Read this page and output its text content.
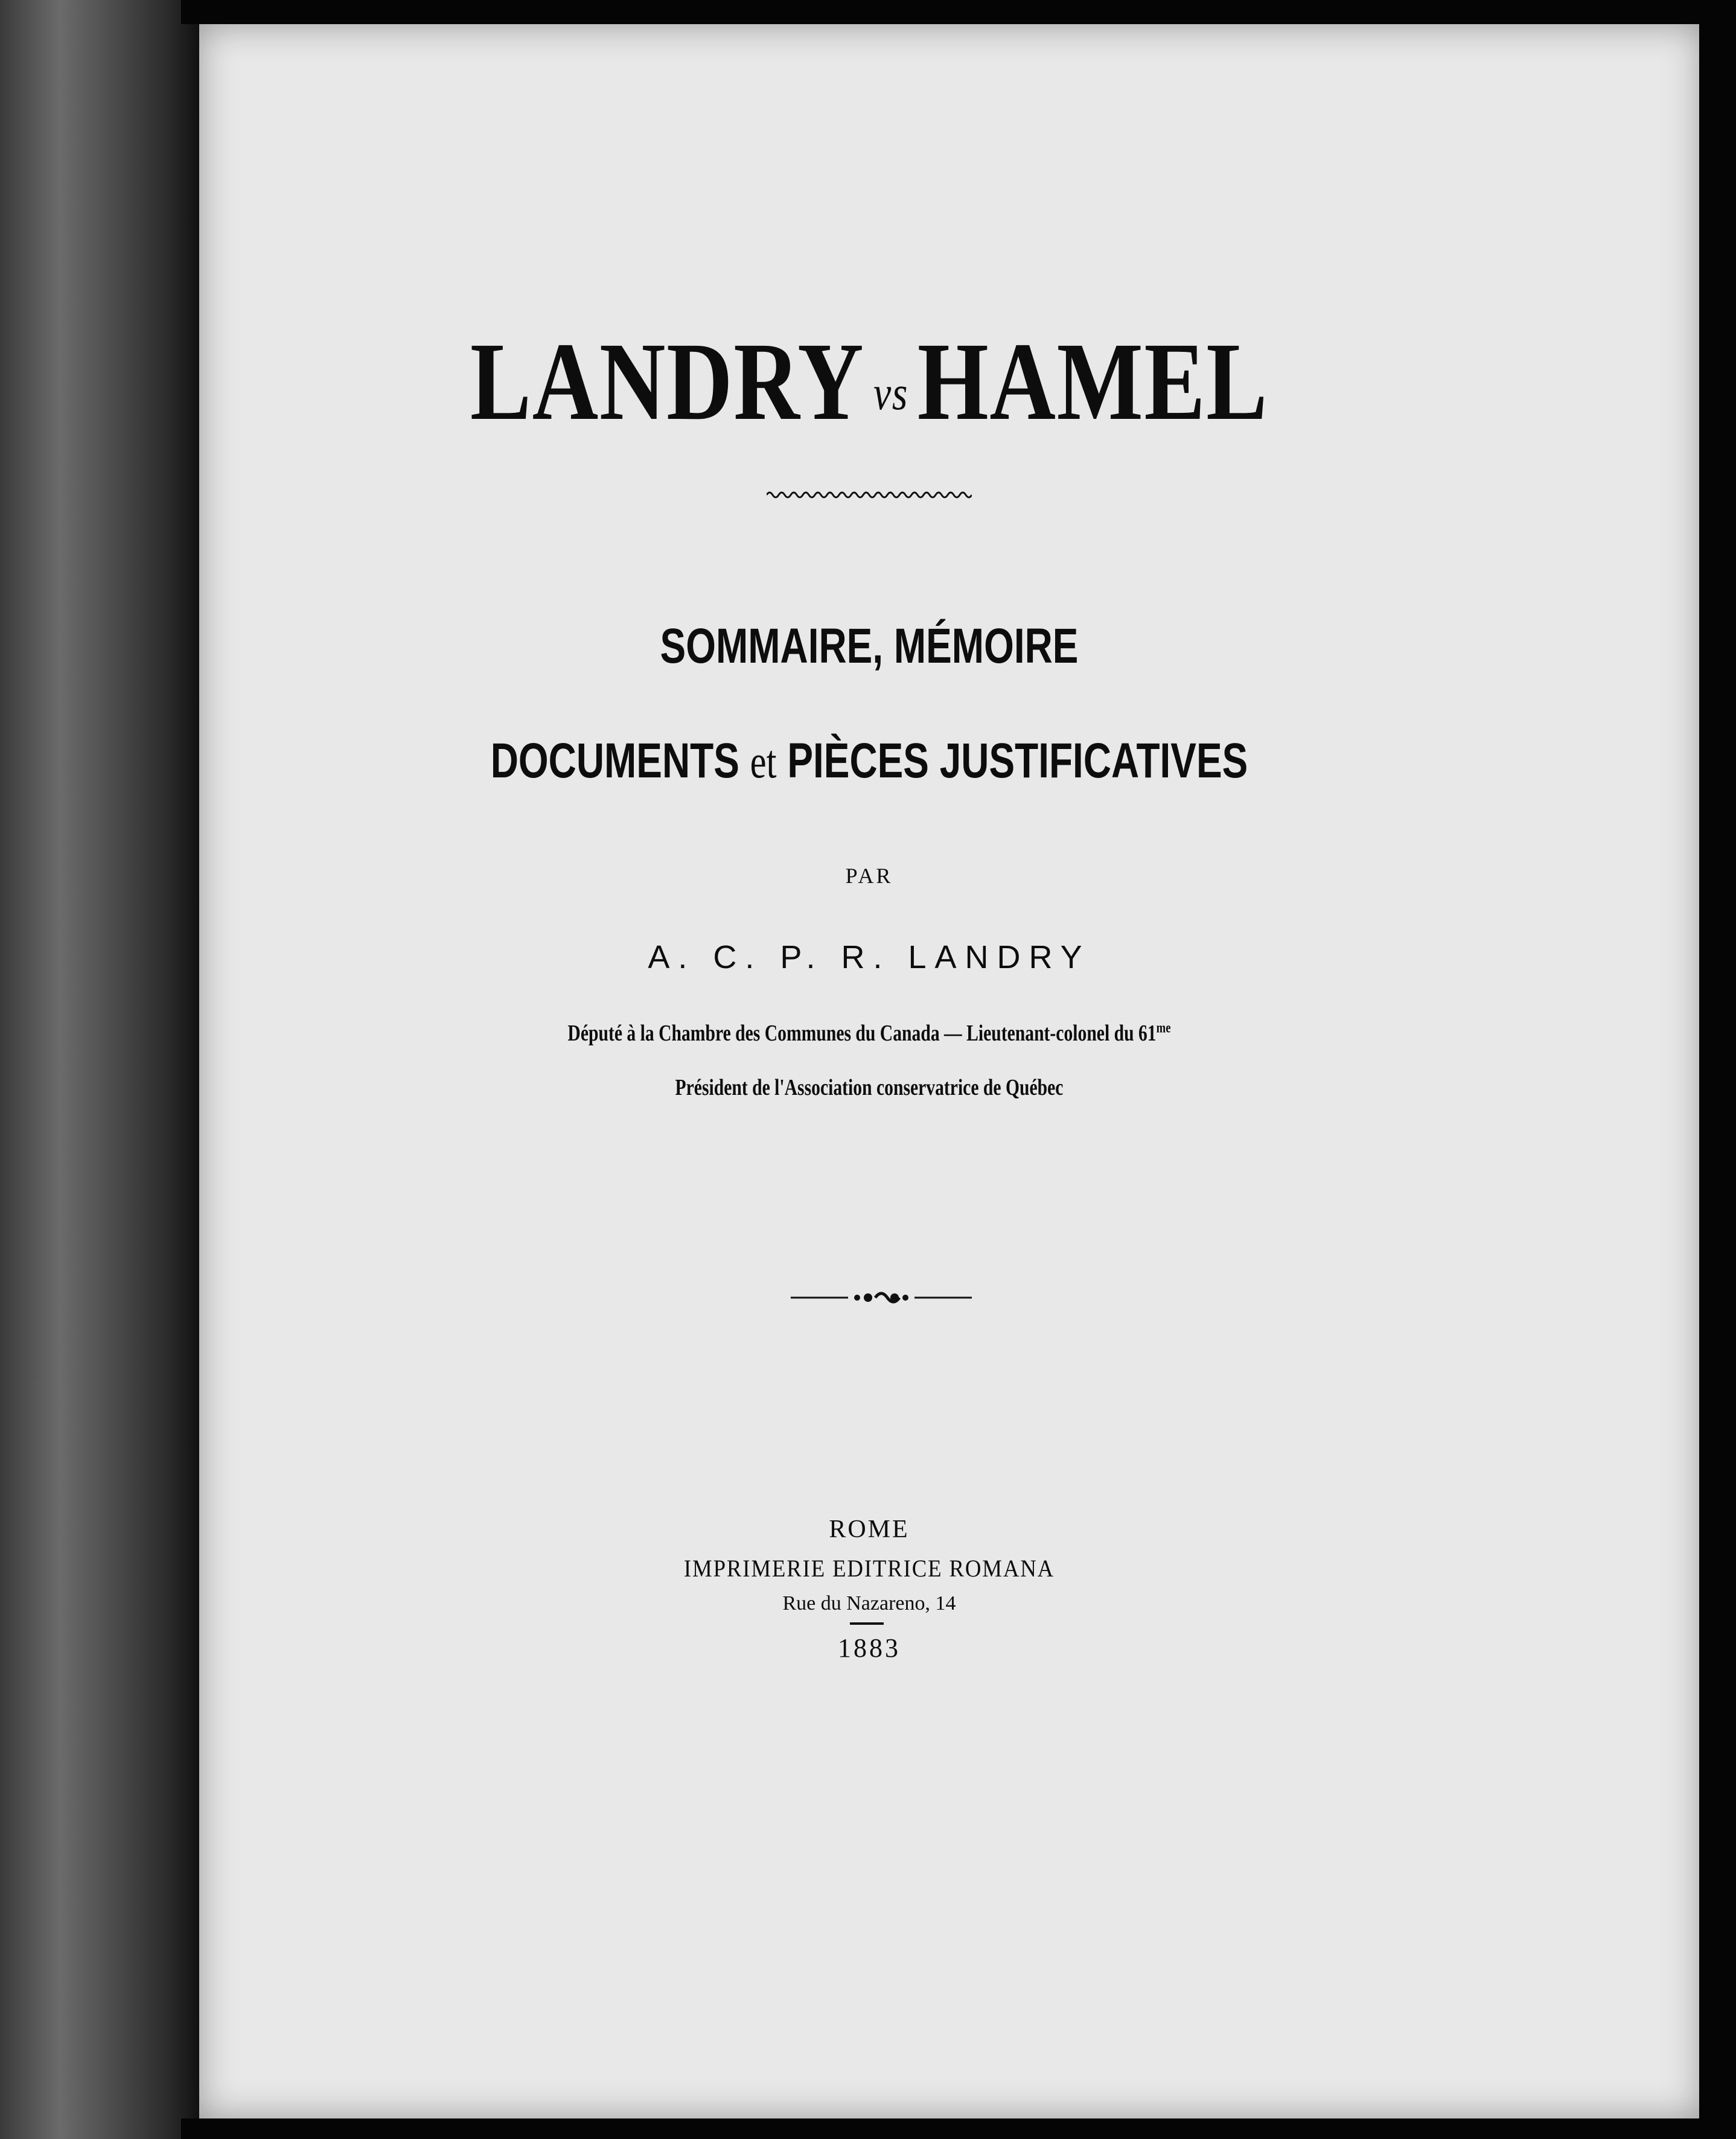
LANDRY vsHAMEL
SOMMAIRE, MÉMOIRE
DOCUMENTS et PIÈCES JUSTIFICATIVES
PAR
A. C. P. R. LANDRY
Député à la Chambre des Communes du Canada — Lieutenant-colonel du $61^{me}$
Président de l'Association conservatrice de Québec
ROME
IMPRIMERIE EDITRICE ROMANA
Rue du Nazareno, 14
1883
